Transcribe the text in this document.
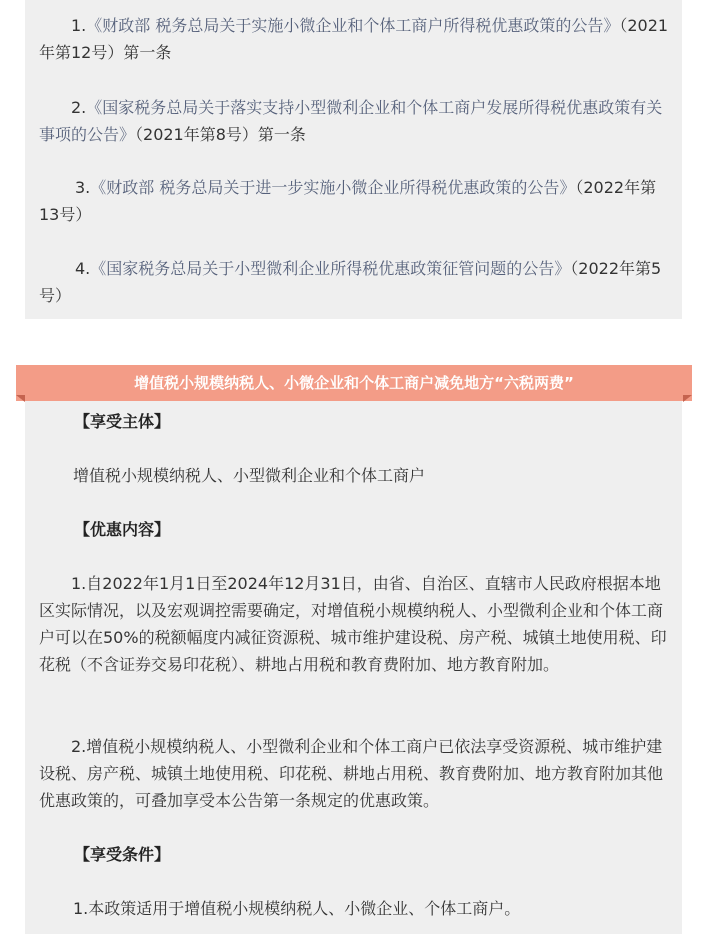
1.《财政部 税务总局关于实施小微企业和个体工商户所得税优惠政策的公告》（2021年第12号）第一条

2.《国家税务总局关于落实支持小型微利企业和个体工商户发展所得税优惠政策有关事项的公告》（2021年第8号）第一条

3.《财政部 税务总局关于进一步实施小微企业所得税优惠政策的公告》（2022年第13号）

4.《国家税务总局关于小型微利企业所得税优惠政策征管问题的公告》（2022年第5号）

增值税小规模纳税人、小微企业和个体工商户减免地方“六税两费”

【享受主体】

增值税小规模纳税人、小型微利企业和个体工商户

【优惠内容】

1.自2022年1月1日至2024年12月31日，由省、自治区、直辖市人民政府根据本地区实际情况，以及宏观调控需要确定，对增值税小规模纳税人、小型微利企业和个体工商户可以在50%的税额幅度内减征资源税、城市维护建设税、房产税、城镇土地使用税、印花税（不含证券交易印花税）、耕地占用税和教育费附加、地方教育附加。

2.增值税小规模纳税人、小型微利企业和个体工商户已依法享受资源税、城市维护建设税、房产税、城镇土地使用税、印花税、耕地占用税、教育费附加、地方教育附加其他优惠政策的，可叠加享受本公告第一条规定的优惠政策。

【享受条件】

1.本政策适用于增值税小规模纳税人、小微企业、个体工商户。
